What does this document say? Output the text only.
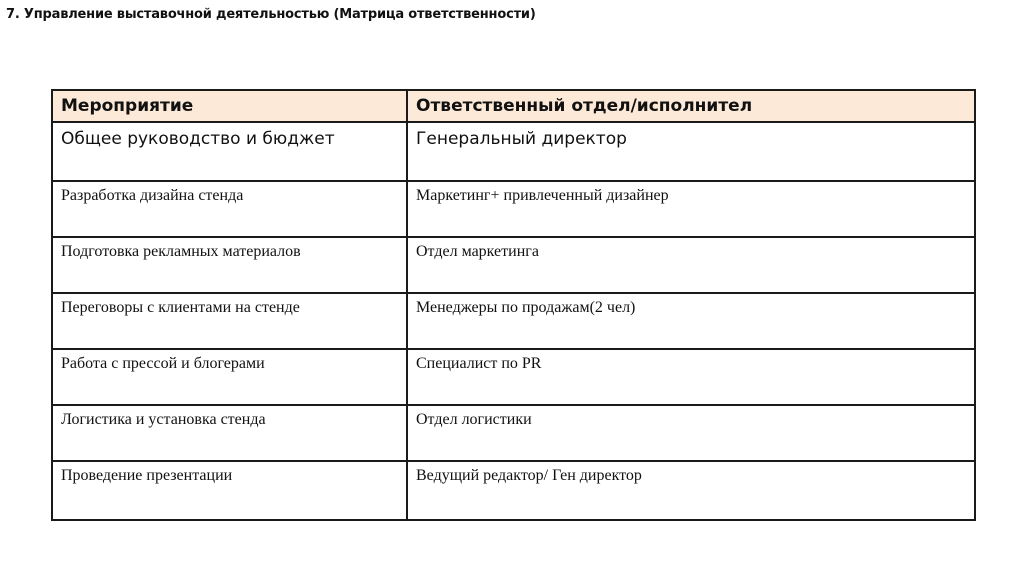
7. Управление выставочной деятельностью (Матрица ответственности)
Мероприятие	Ответственный отдел/исполнител
Общее руководство и бюджет	Генеральный директор
Разработка дизайна стенда	Маркетинг+ привлеченный дизайнер
Подготовка рекламных материалов	Отдел маркетинга
Переговоры с клиентами на стенде	Менеджеры по продажам(2 чел)
Работа с прессой и блогерами	Специалист по PR
Логистика и установка стенда	Отдел логистики
Проведение презентации	Ведущий редактор/ Ген директор
